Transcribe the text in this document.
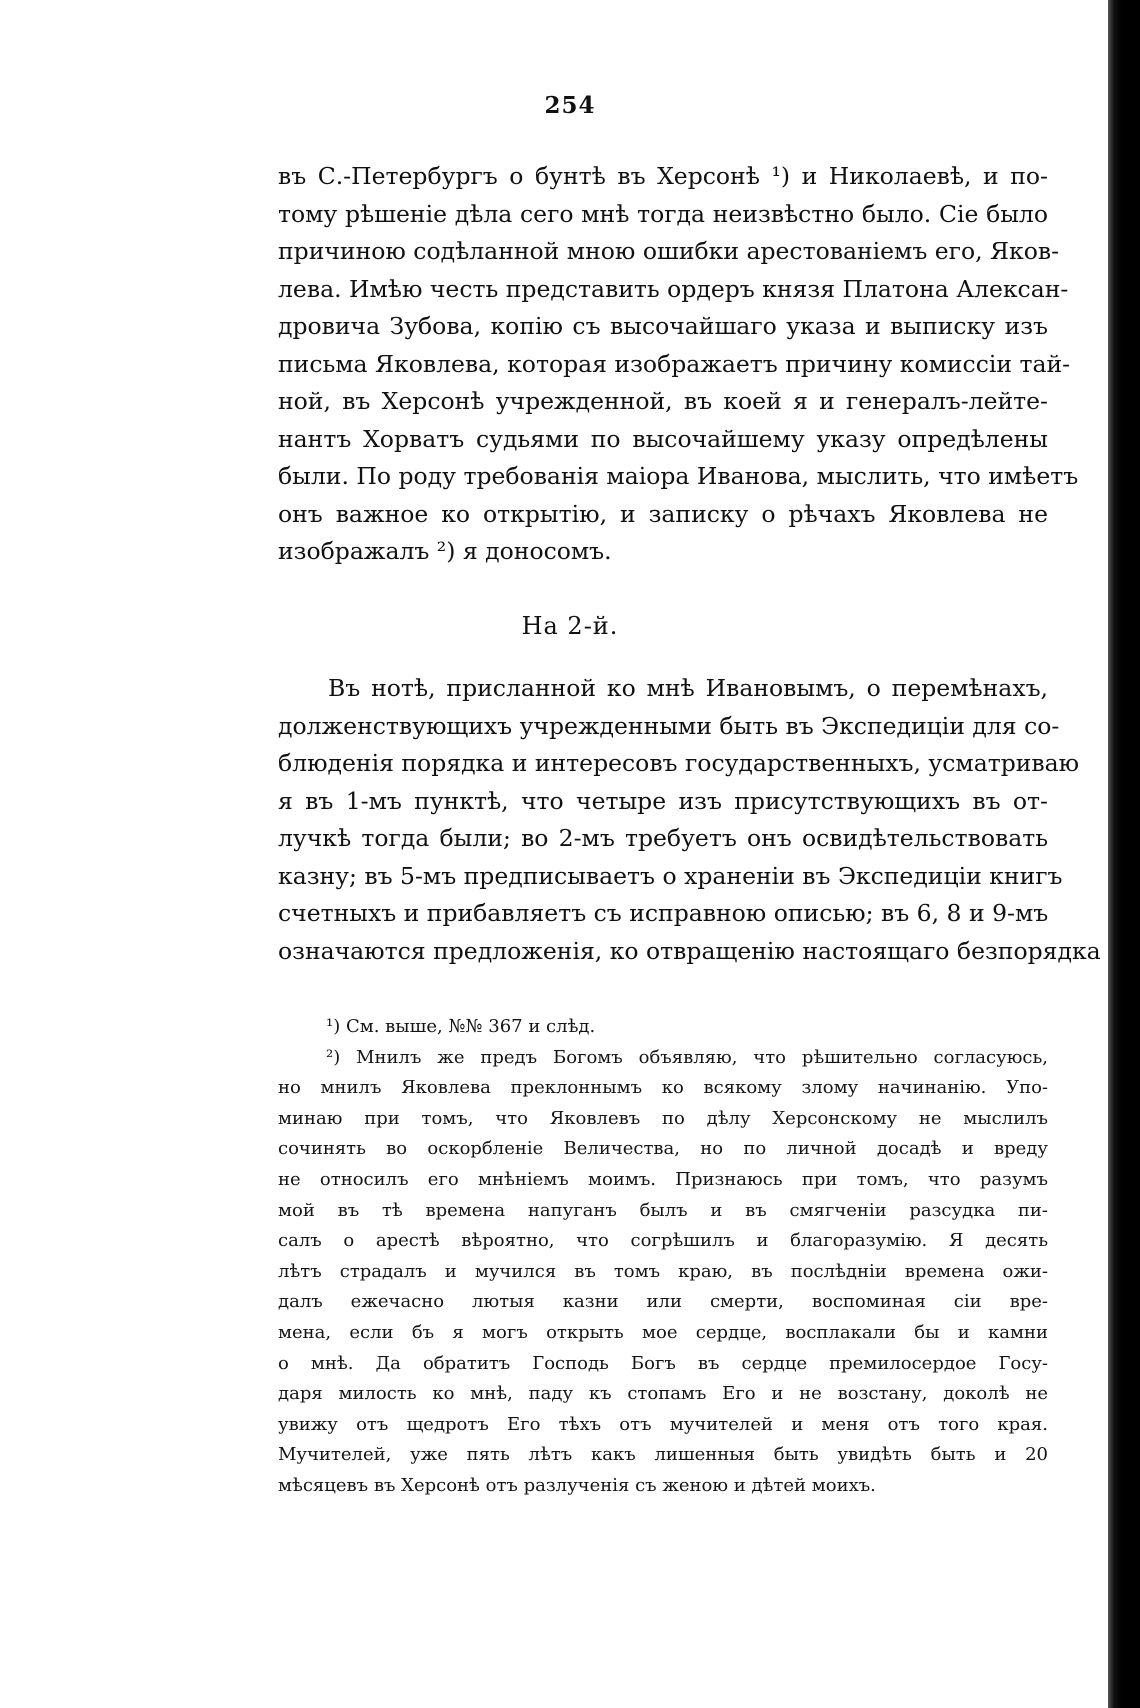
254
въ С.-Петербургъ о бунтѣ въ Херсонѣ ¹) и Николаевѣ, и по-
тому рѣшеніе дѣла сего мнѣ тогда неизвѣстно было. Сіе было
причиною содѣланной мною ошибки арестованіемъ его, Яков-
лева. Имѣю честь представить ордеръ князя Платона Алексан-
дровича Зубова, копію съ высочайшаго указа и выписку изъ
письма Яковлева, которая изображаетъ причину комиссіи тай-
ной, въ Херсонѣ учрежденной, въ коей я и генералъ-лейте-
нантъ Хорватъ судьями по высочайшему указу опредѣлены
были. По роду требованія маіора Иванова, мыслить, что имѣетъ
онъ важное ко открытію, и записку о рѣчахъ Яковлева не
изображалъ ²) я доносомъ.
На 2-й.
Въ нотѣ, присланной ко мнѣ Ивановымъ, о перемѣнахъ,
долженствующихъ учрежденными быть въ Экспедиціи для со-
блюденія порядка и интересовъ государственныхъ, усматриваю
я въ 1-мъ пунктѣ, что четыре изъ присутствующихъ въ от-
лучкѣ тогда были; во 2-мъ требуетъ онъ освидѣтельствовать
казну; въ 5-мъ предписываетъ о храненіи въ Экспедиціи книгъ
счетныхъ и прибавляетъ съ исправною описью; въ 6, 8 и 9-мъ
означаются предложенія, ко отвращенію настоящаго безпорядка
¹) См. выше, №№ 367 и слѣд.
²) Мнилъ же предъ Богомъ объявляю, что рѣшительно согласуюсь,
но мнилъ Яковлева преклоннымъ ко всякому злому начинанію. Упо-
минаю при томъ, что Яковлевъ по дѣлу Херсонскому не мыслилъ
сочинять во оскорбленіе Величества, но по личной досадѣ и вреду
не относилъ его мнѣніемъ моимъ. Признаюсь при томъ, что разумъ
мой въ тѣ времена напуганъ былъ и въ смягченіи разсудка пи-
салъ о арестѣ вѣроятно, что согрѣшилъ и благоразумію. Я десять
лѣтъ страдалъ и мучился въ томъ краю, въ послѣдніи времена ожи-
далъ ежечасно лютыя казни или смерти, воспоминая сіи вре-
мена, если бъ я могъ открыть мое сердце, восплакали бы и камни
о мнѣ. Да обратитъ Господь Богъ въ сердце премилосердое Госу-
даря милость ко мнѣ, паду къ стопамъ Его и не возстану, доколѣ не
увижу отъ щедротъ Его тѣхъ отъ мучителей и меня отъ того края.
Мучителей, уже пять лѣтъ какъ лишенныя быть увидѣть быть и 20
мѣсяцевъ въ Херсонѣ отъ разлученія съ женою и дѣтей моихъ.
